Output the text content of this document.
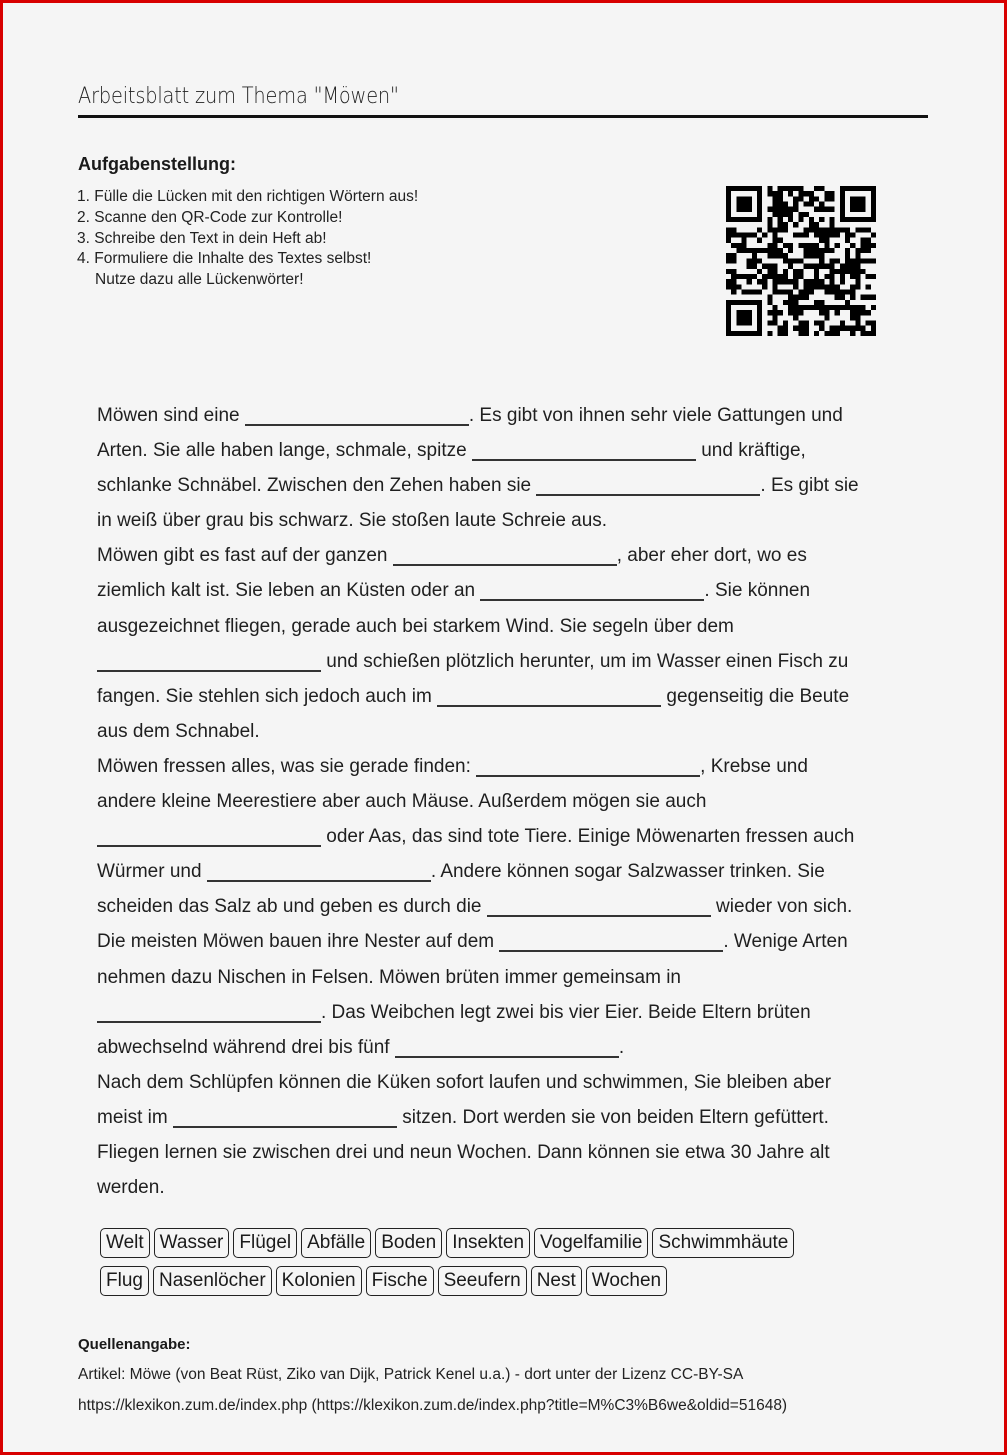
Arbeitsblatt zum Thema "Möwen"
Aufgabenstellung:
1. Fülle die Lücken mit den richtigen Wörtern aus!
2. Scanne den QR-Code zur Kontrolle!
3. Schreibe den Text in dein Heft ab!
4. Formuliere die Inhalte des Textes selbst!
Nutze dazu alle Lückenwörter!
Möwen sind eine	. Es gibt von ihnen sehr viele Gattungen und
Arten. Sie alle haben lange, schmale, spitze	und kräftige,
schlanke Schnäbel. Zwischen den Zehen haben sie	. Es gibt sie
in weiß über grau bis schwarz. Sie stoßen laute Schreie aus.
Möwen gibt es fast auf der ganzen	, aber eher dort, wo es
ziemlich kalt ist. Sie leben an Küsten oder an	. Sie können
ausgezeichnet fliegen, gerade auch bei starkem Wind. Sie segeln über dem
und schießen plötzlich herunter, um im Wasser einen Fisch zu
fangen. Sie stehlen sich jedoch auch im	gegenseitig die Beute
aus dem Schnabel.
Möwen fressen alles, was sie gerade finden:	, Krebse und
andere kleine Meerestiere aber auch Mäuse. Außerdem mögen sie auch
oder Aas, das sind tote Tiere. Einige Möwenarten fressen auch
Würmer und	. Andere können sogar Salzwasser trinken. Sie
scheiden das Salz ab und geben es durch die	wieder von sich.
Die meisten Möwen bauen ihre Nester auf dem	. Wenige Arten
nehmen dazu Nischen in Felsen. Möwen brüten immer gemeinsam in
. Das Weibchen legt zwei bis vier Eier. Beide Eltern brüten
abwechselnd während drei bis fünf	.
Nach dem Schlüpfen können die Küken sofort laufen und schwimmen, Sie bleiben aber
meist im	sitzen. Dort werden sie von beiden Eltern gefüttert.
Fliegen lernen sie zwischen drei und neun Wochen. Dann können sie etwa 30 Jahre alt
werden.
Welt Wasser Flügel Abfälle Boden Insekten Vogelfamilie Schwimmhäute
Flug Nasenlöcher Kolonien Fische Seeufern Nest Wochen
Quellenangabe:
Artikel: Möwe (von Beat Rüst, Ziko van Dijk, Patrick Kenel u.a.) - dort unter der Lizenz CC-BY-SA
https://klexikon.zum.de/index.php (https://klexikon.zum.de/index.php?title=M%C3%B6we&oldid=51648)
